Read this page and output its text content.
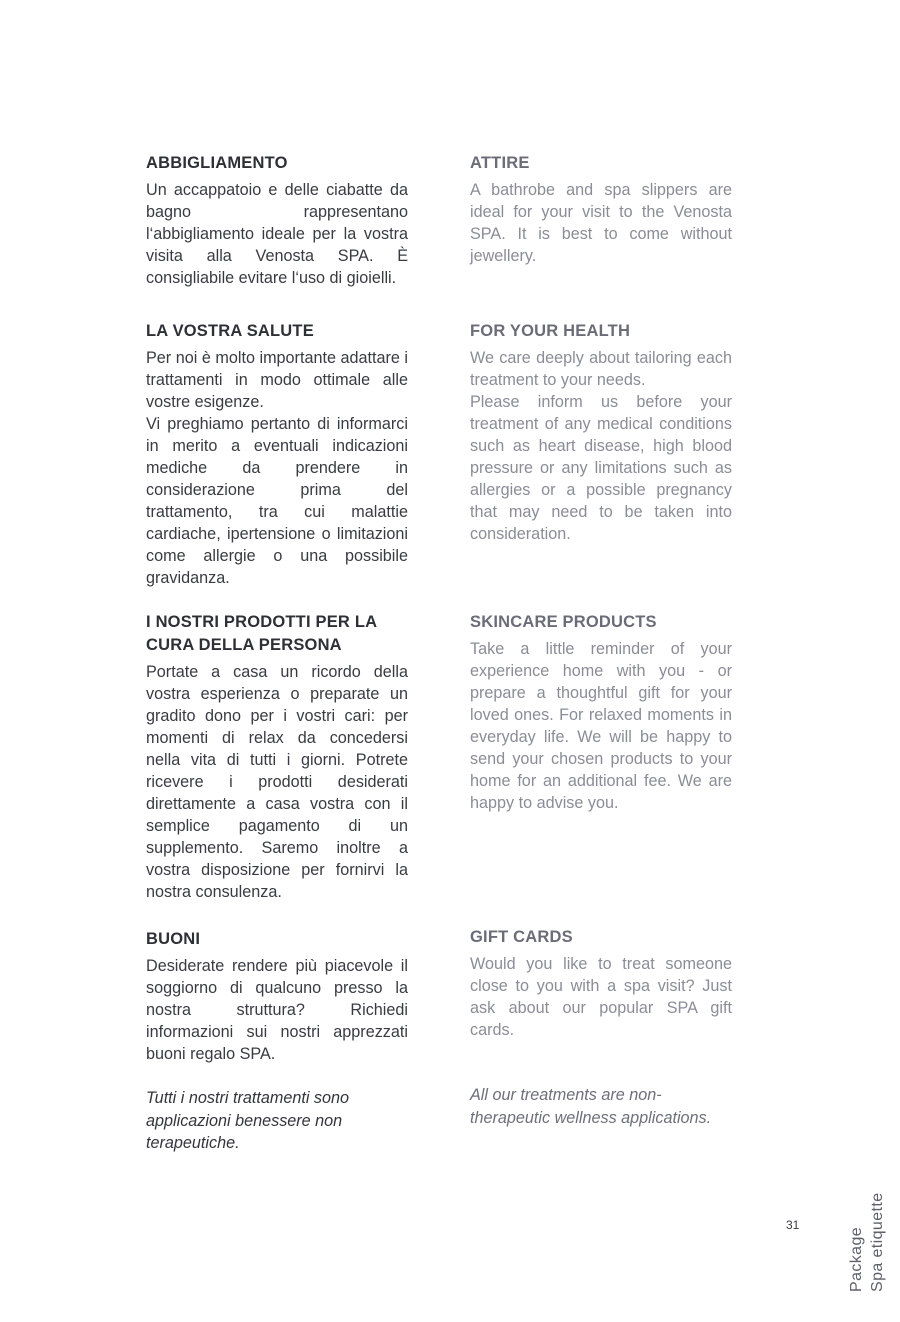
ABBIGLIAMENTO

Un accappatoio e delle ciabatte da bagno rappresentano l‘abbigliamento ideale per la vostra visita alla Venosta SPA. È consigliabile evitare l‘uso di gioielli.

ATTIRE

A bathrobe and spa slippers are ideal for your visit to the Venosta SPA. It is best to come without jewellery.

LA VOSTRA SALUTE

Per noi è molto importante adattare i trattamenti in modo ottimale alle vostre esigenze.

Vi preghiamo pertanto di informarci in merito a eventuali indicazioni mediche da prendere in considerazione prima del trattamento, tra cui malattie cardiache, ipertensione o limitazioni come allergie o una possibile gravidanza.

FOR YOUR HEALTH

We care deeply about tailoring each treatment to your needs.

Please inform us before your treatment of any medical conditions such as heart disease, high blood pressure or any limitations such as allergies or a possible pregnancy that may need to be taken into consideration.

I NOSTRI PRODOTTI PER LA CURA DELLA PERSONA

Portate a casa un ricordo della vostra esperienza o preparate un gradito dono per i vostri cari: per momenti di relax da concedersi nella vita di tutti i giorni. Potrete ricevere i prodotti desiderati direttamente a casa vostra con il semplice pagamento di un supplemento. Saremo inoltre a vostra disposizione per fornirvi la nostra consulenza.

SKINCARE PRODUCTS

Take a little reminder of your experience home with you - or prepare a thoughtful gift for your loved ones. For relaxed moments in everyday life. We will be happy to send your chosen products to your home for an additional fee. We are happy to advise you.

BUONI

Desiderate rendere più piacevole il soggiorno di qualcuno presso la nostra struttura? Richiedi informazioni sui nostri apprezzati buoni regalo SPA.

GIFT CARDS

Would you like to treat someone close to you with a spa visit? Just ask about our popular SPA gift cards.

Tutti i nostri trattamenti sono applicazioni benessere non terapeutiche.

All our treatments are non-therapeutic wellness applications.

31
Package Spa etiquette
